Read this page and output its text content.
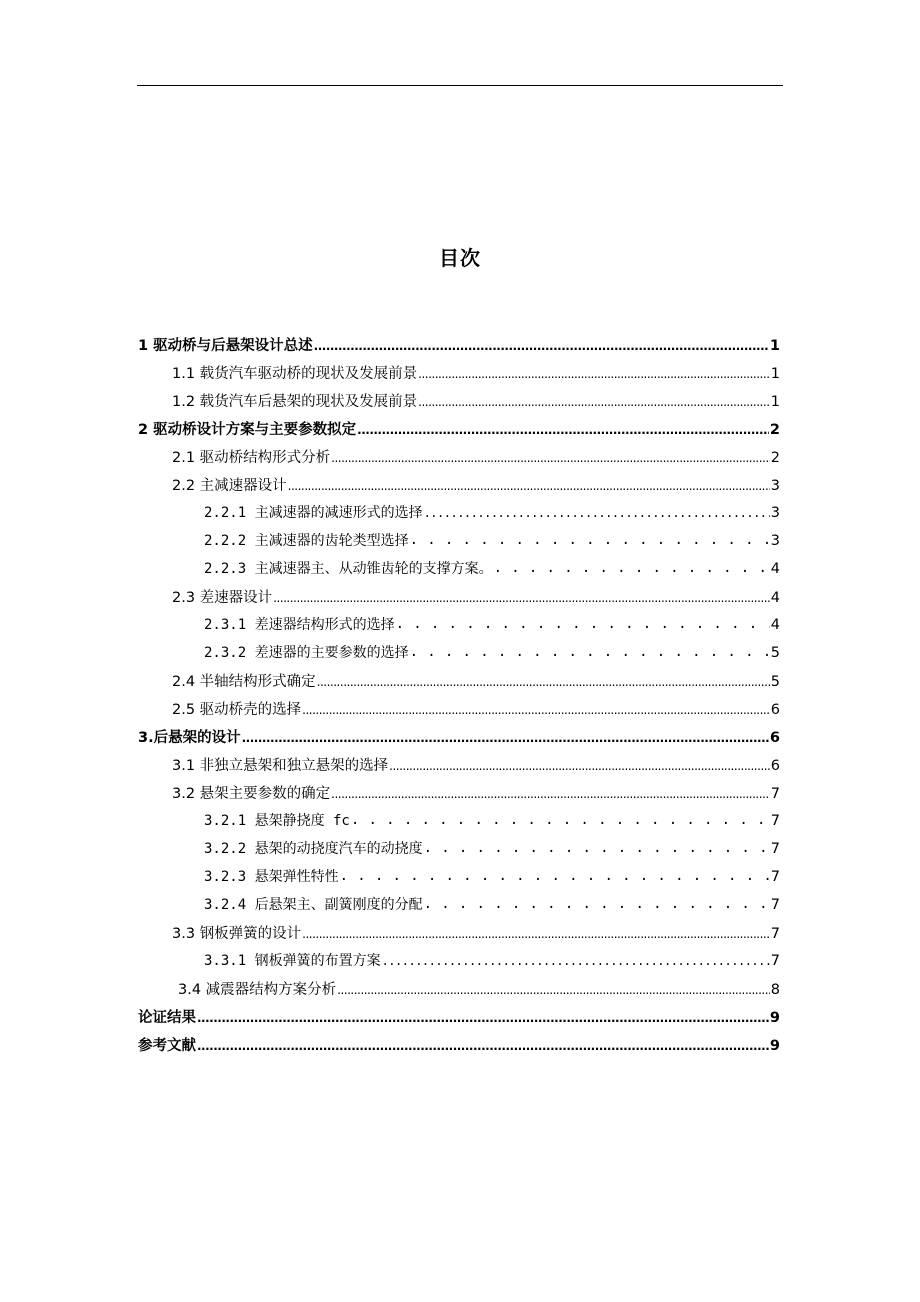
目次
1 驱动桥与后悬架设计总述 .....	1
1.1 载货汽车驱动桥的现状及发展前景 .....	1
1.2 载货汽车后悬架的现状及发展前景 .....	1
2 驱动桥设计方案与主要参数拟定 .....	2
2.1 驱动桥结构形式分析 .....	2
2.2 主减速器设计 .....	3
2.2.1 主减速器的减速形式的选择 .....	3
2.2.2 主减速器的齿轮类型选择 . . .	3
2.2.3 主减速器主、从动锥齿轮的支撑方案。 . . .	4
2.3 差速器设计 .....	4
2.3.1 差速器结构形式的选择 . . .	4
2.3.2 差速器的主要参数的选择 . . .	5
2.4 半轴结构形式确定 .....	5
2.5 驱动桥壳的选择 .....	6
3.后悬架的设计 .....	6
3.1 非独立悬架和独立悬架的选择 .....	6
3.2 悬架主要参数的确定 .....	7
3.2.1 悬架静挠度 fc . . .	7
3.2.2 悬架的动挠度汽车的动挠度 . . .	7
3.2.3 悬架弹性特性 . . .	7
3.2.4 后悬架主、副簧刚度的分配 . . .	7
3.3 钢板弹簧的设计 .....	7
3.3.1 钢板弹簧的布置方案 .....	7
3.4 减震器结构方案分析 .....	8
论证结果 .....	9
参考文献 .....	9
